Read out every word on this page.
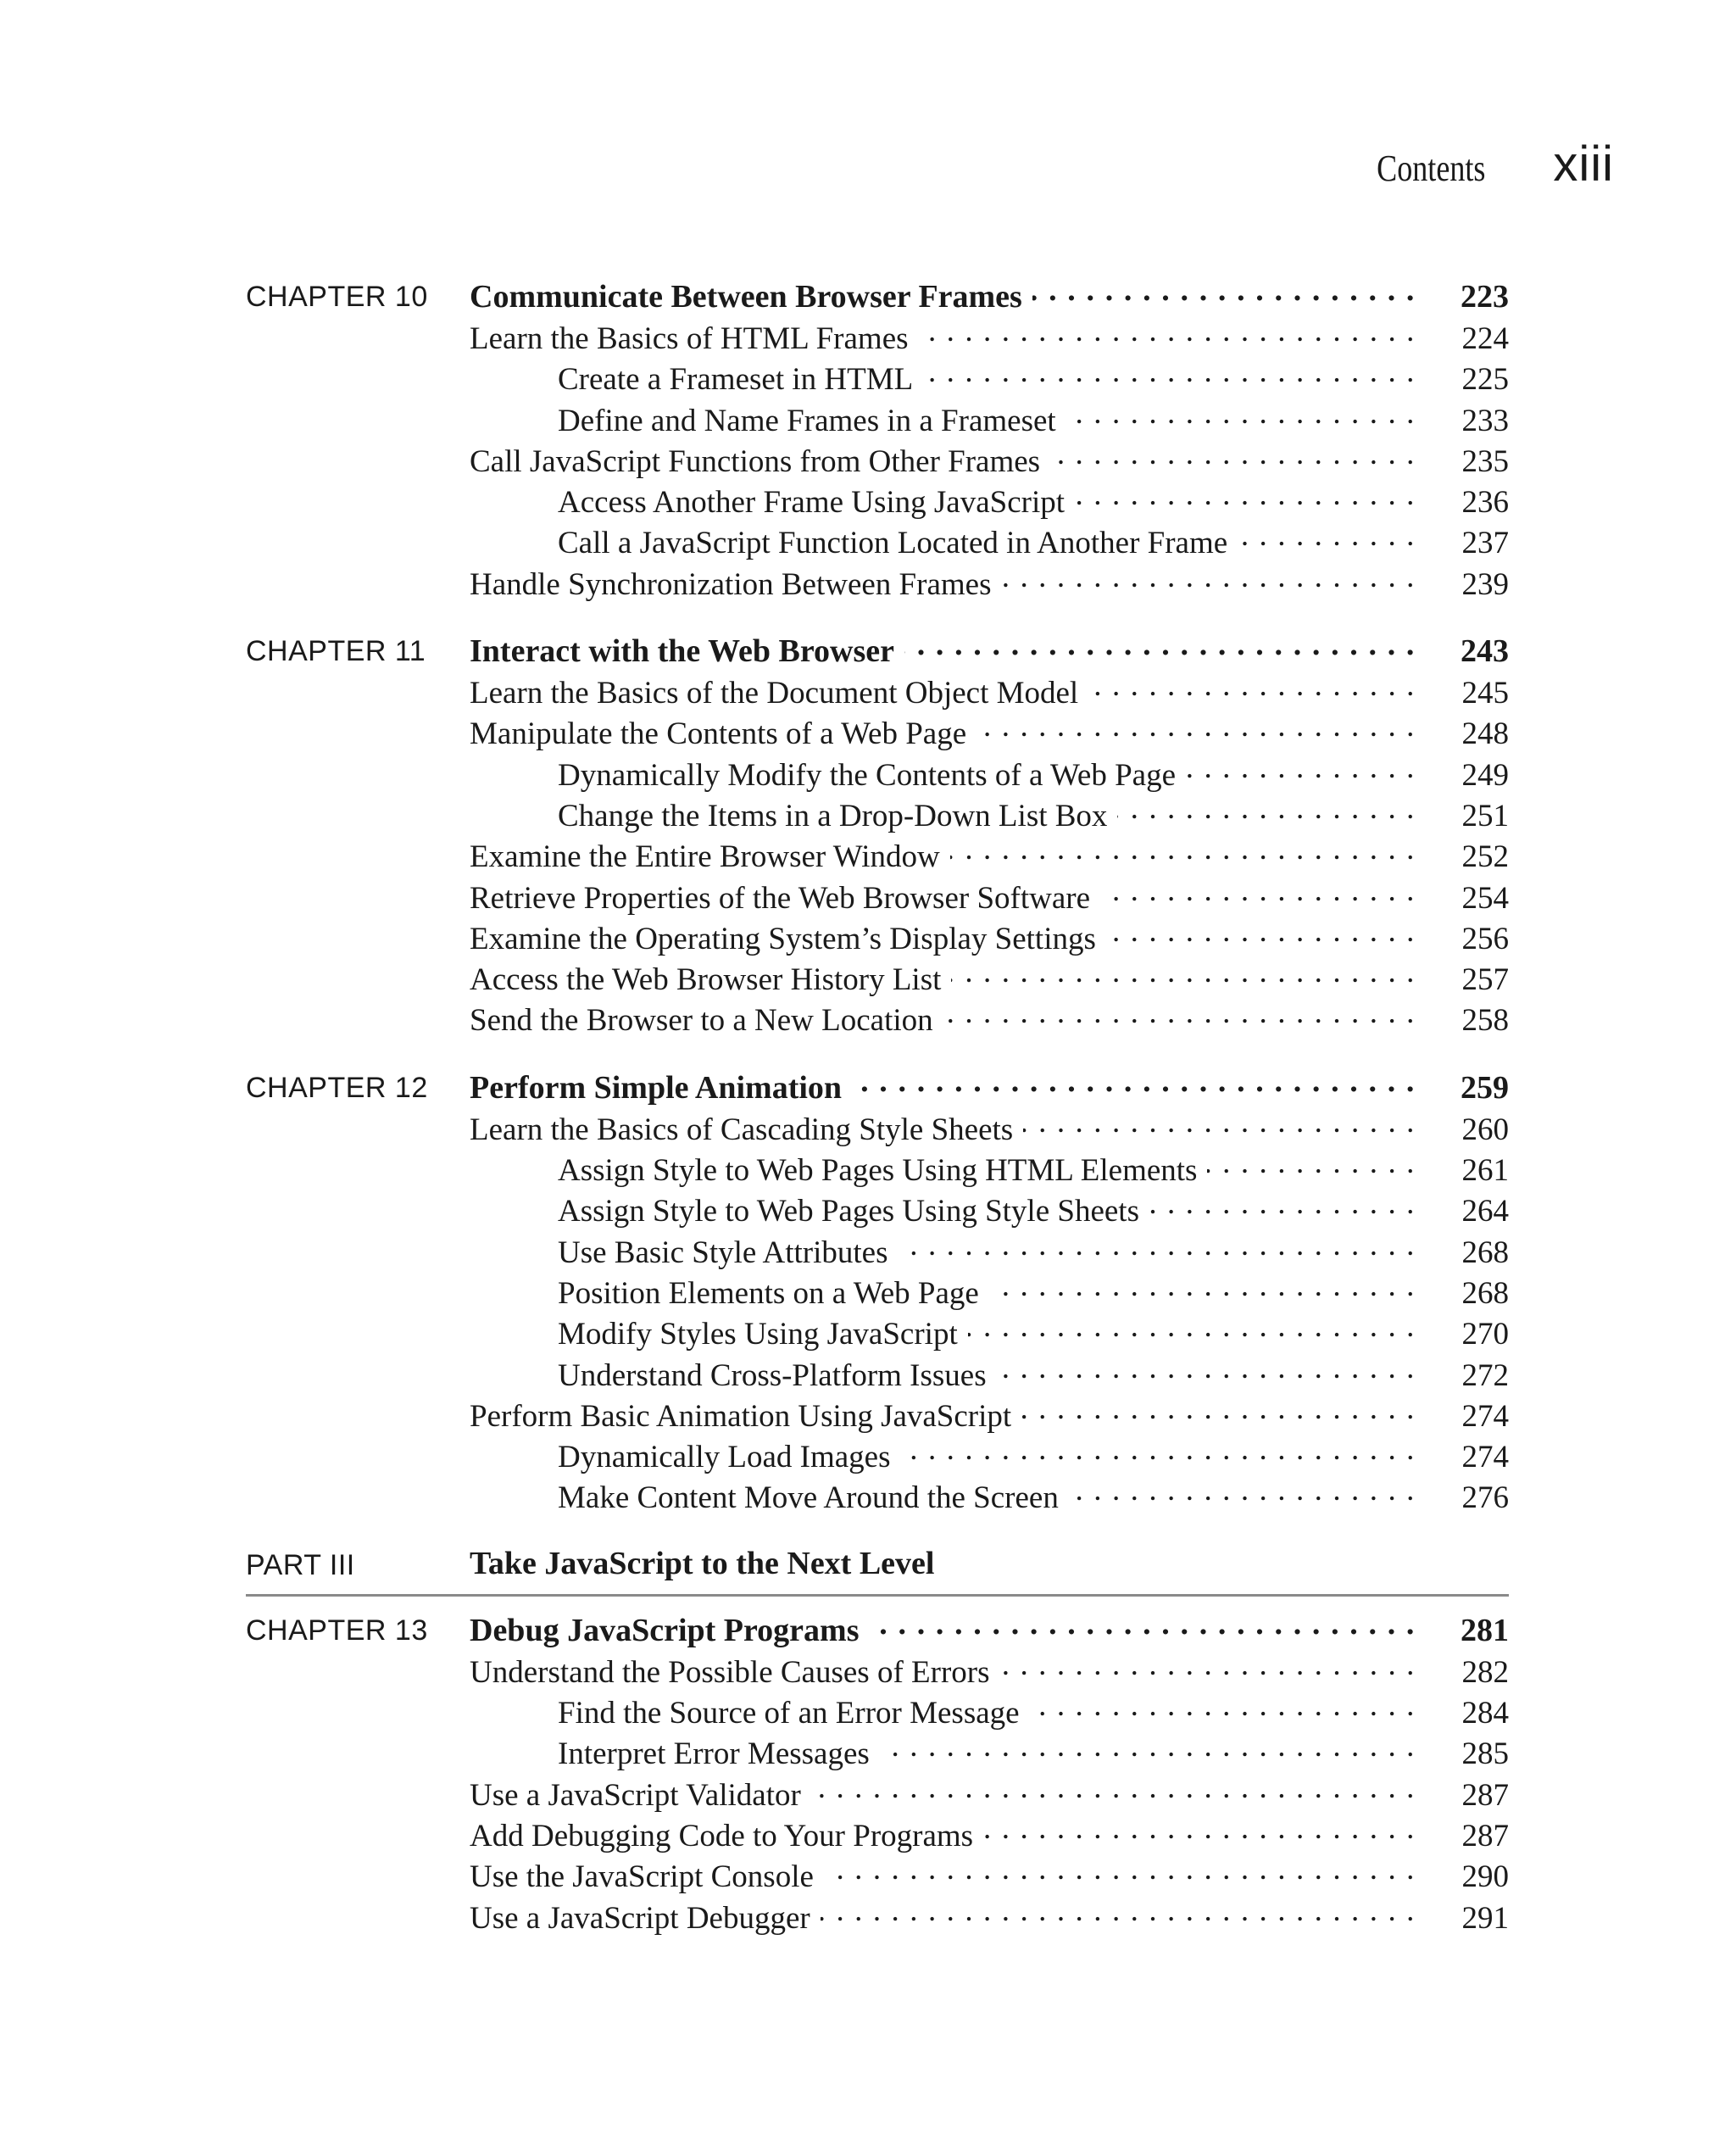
Contents xiii
CHAPTER 10	Communicate Between Browser Frames . . .	223
Learn the Basics of HTML Frames . . .	224
Create a Frameset in HTML . . .	225
Define and Name Frames in a Frameset . . .	233
Call JavaScript Functions from Other Frames . . .	235
Access Another Frame Using JavaScript . . .	236
Call a JavaScript Function Located in Another Frame . . .	237
Handle Synchronization Between Frames . . .	239
CHAPTER 11	Interact with the Web Browser . . .	243
Learn the Basics of the Document Object Model . . .	245
Manipulate the Contents of a Web Page . . .	248
Dynamically Modify the Contents of a Web Page . . .	249
Change the Items in a Drop-Down List Box . . .	251
Examine the Entire Browser Window . . .	252
Retrieve Properties of the Web Browser Software . . .	254
Examine the Operating System’s Display Settings . . .	256
Access the Web Browser History List . . .	257
Send the Browser to a New Location . . .	258
CHAPTER 12	Perform Simple Animation . . .	259
Learn the Basics of Cascading Style Sheets . . .	260
Assign Style to Web Pages Using HTML Elements . . .	261
Assign Style to Web Pages Using Style Sheets . . .	264
Use Basic Style Attributes . . .	268
Position Elements on a Web Page . . .	268
Modify Styles Using JavaScript . . .	270
Understand Cross-Platform Issues . . .	272
Perform Basic Animation Using JavaScript . . .	274
Dynamically Load Images . . .	274
Make Content Move Around the Screen . . .	276
PART III	Take JavaScript to the Next Level
CHAPTER 13	Debug JavaScript Programs . . .	281
Understand the Possible Causes of Errors . . .	282
Find the Source of an Error Message . . .	284
Interpret Error Messages . . .	285
Use a JavaScript Validator . . .	287
Add Debugging Code to Your Programs . . .	287
Use the JavaScript Console . . .	290
Use a JavaScript Debugger . . .	291
